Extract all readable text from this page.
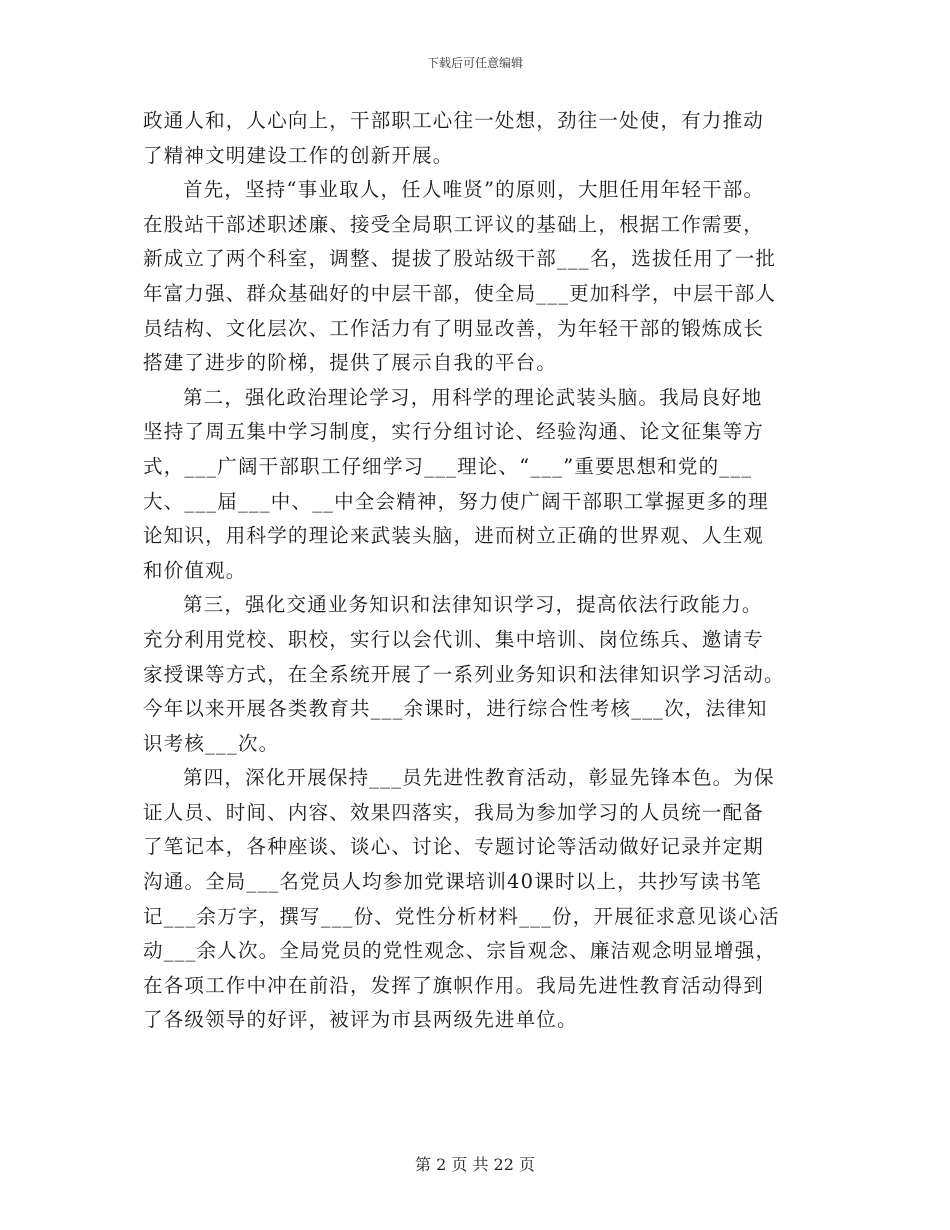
下载后可任意编辑

政通人和，人心向上，干部职工心往一处想，劲往一处使，有力推动
了精神文明建设工作的创新开展。

首先，坚持“事业取人，任人唯贤”的原则，大胆任用年轻干部。
在股站干部述职述廉、接受全局职工评议的基础上，根据工作需要，
新成立了两个科室，调整、提拔了股站级干部___名，选拔任用了一批
年富力强、群众基础好的中层干部，使全局___更加科学，中层干部人
员结构、文化层次、工作活力有了明显改善，为年轻干部的锻炼成长
搭建了进步的阶梯，提供了展示自我的平台。

第二，强化政治理论学习，用科学的理论武装头脑。我局良好地
坚持了周五集中学习制度，实行分组讨论、经验沟通、论文征集等方
式，___广阔干部职工仔细学习___理论、“___”重要思想和党的___
大、___届___中、__中全会精神，努力使广阔干部职工掌握更多的理
论知识，用科学的理论来武装头脑，进而树立正确的世界观、人生观
和价值观。

第三，强化交通业务知识和法律知识学习，提高依法行政能力。
充分利用党校、职校，实行以会代训、集中培训、岗位练兵、邀请专
家授课等方式，在全系统开展了一系列业务知识和法律知识学习活动。
今年以来开展各类教育共___余课时，进行综合性考核___次，法律知
识考核___次。

第四，深化开展保持___员先进性教育活动，彰显先锋本色。为保
证人员、时间、内容、效果四落实，我局为参加学习的人员统一配备
了笔记本，各种座谈、谈心、讨论、专题讨论等活动做好记录并定期
沟通。全局___名党员人均参加党课培训40课时以上，共抄写读书笔
记___余万字，撰写___份、党性分析材料___份，开展征求意见谈心活
动___余人次。全局党员的党性观念、宗旨观念、廉洁观念明显增强，
在各项工作中冲在前沿，发挥了旗帜作用。我局先进性教育活动得到
了各级领导的好评，被评为市县两级先进单位。

第 2 页 共 22 页
